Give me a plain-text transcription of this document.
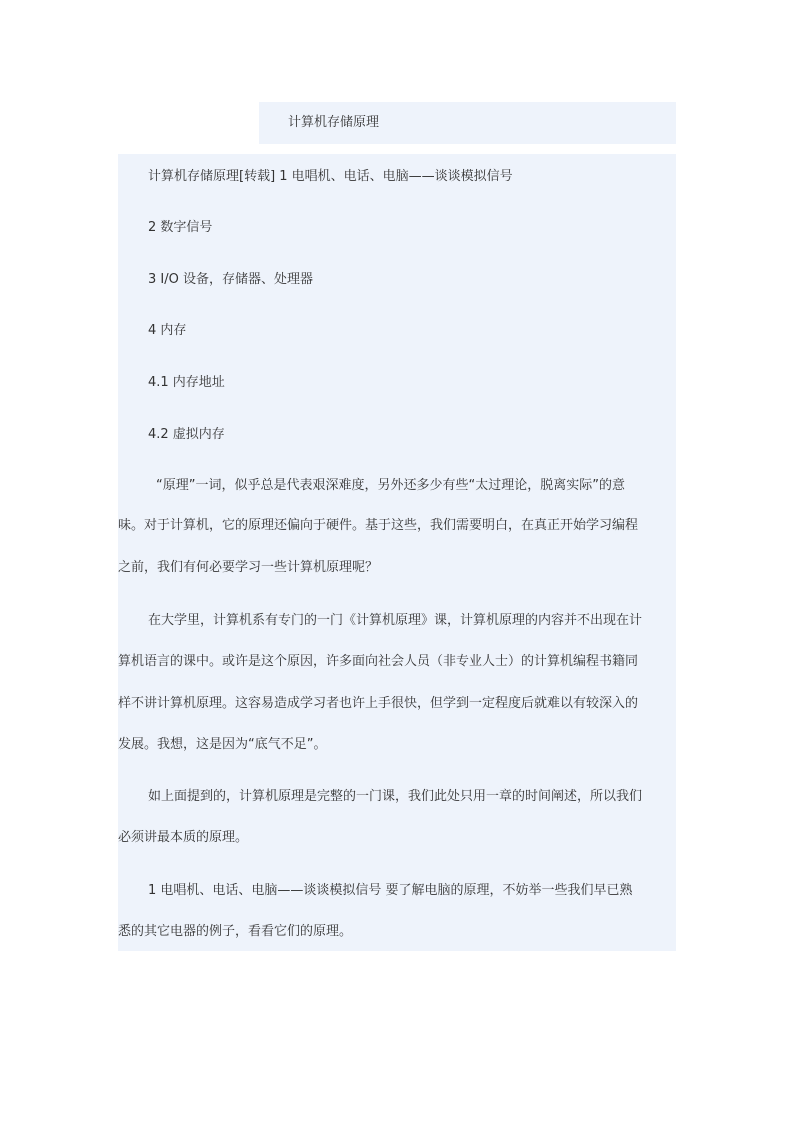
计算机存储原理
计算机存储原理[转载] 1 电唱机、电话、电脑——谈谈模拟信号
2 数字信号
3 I/O 设备，存储器、处理器
4 内存
4.1 内存地址
4.2 虚拟内存
“原理”一词，似乎总是代表艰深难度，另外还多少有些“太过理论，脱离实际”的意
味。对于计算机，它的原理还偏向于硬件。基于这些，我们需要明白，在真正开始学习编程
之前，我们有何必要学习一些计算机原理呢？
在大学里，计算机系有专门的一门《计算机原理》课，计算机原理的内容并不出现在计
算机语言的课中。或许是这个原因，许多面向社会人员（非专业人士）的计算机编程书籍同
样不讲计算机原理。这容易造成学习者也许上手很快，但学到一定程度后就难以有较深入的
发展。我想，这是因为“底气不足”。
如上面提到的，计算机原理是完整的一门课，我们此处只用一章的时间阐述，所以我们
必须讲最本质的原理。
1 电唱机、电话、电脑——谈谈模拟信号 要了解电脑的原理，不妨举一些我们早已熟
悉的其它电器的例子，看看它们的原理。
